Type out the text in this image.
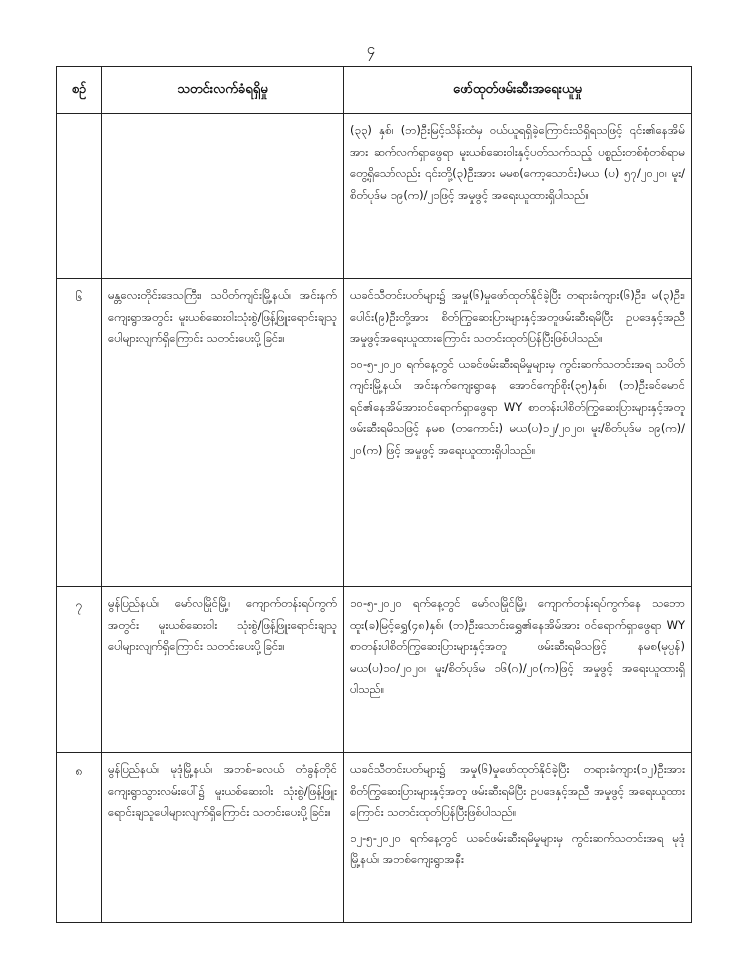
၄
စဉ်	သတင်းလက်ခံရရှိမှု	ဖော်ထုတ်ဖမ်းဆီးအရေးယူမှု

		(၃၃) နှစ်၊ (ဘ)ဦးမြင့်သိန်းထံမှ ဝယ်ယူရရှိခဲ့ကြောင်းသိရှိရသဖြင့် ၎င်း၏နေအိမ်အား ဆက်လက်ရှာဖွေရာ မူးယစ်ဆေးဝါးနှင့်ပတ်သက်သည့် ပစ္စည်းတစ်စုံတစ်ရာမတွေ့ရှိသော်လည်း ၎င်းတို့(၃)ဦးအား မမစ(ကော့သောင်း)မယ (ပ) ၅၇/၂၀၂၀၊ မူး/စိတ်ပုဒ်မ ၁၉(က)/၂၁ဖြင့် အမှုဖွင့် အရေးယူထားရှိပါသည်။

၆	မန္တလေးတိုင်းဒေသကြီး၊ သပိတ်ကျင်းမြို့နယ်၊ အင်းနက်ကျေးရွာအတွင်း မူးယစ်ဆေးဝါးသုံးစွဲ/ဖြန့်ဖြူးရောင်းချသူ ပေါများလျက်ရှိကြောင်း သတင်းပေးပို့ခြင်း။	ယခင်သီတင်းပတ်များ၌ အမှု(၆)မှုဖော်ထုတ်နိုင်ခဲ့ပြီး တရားခံကျား(၆)ဦး၊ မ(၃)ဦး၊ ပေါင်း(၉)ဦးတို့အား စိတ်ကြွဆေးပြားများနှင့်အတူဖမ်းဆီးရမိပြီး ဥပဒေနှင့်အညီ အမှုဖွင့်အရေးယူထားကြောင်း သတင်းထုတ်ပြန်ပြီးဖြစ်ပါသည်။
၁၀-၅-၂၀၂၀ ရက်နေ့တွင် ယခင်ဖမ်းဆီးရမိမှုများမှ ကွင်းဆက်သတင်းအရ သပိတ်ကျင်းမြို့နယ်၊ အင်းနက်ကျေးရွာနေ အောင်ကျော်စိုး(၃၅)နှစ်၊ (ဘ)ဦးခင်မောင်ရင်၏နေအိမ်အားဝင်ရောက်ရှာဖွေရာ WY စာတန်းပါစိတ်ကြွဆေးပြားများနှင့်အတူ ဖမ်းဆီးရမိသဖြင့် နမစ (တကောင်း) မယ(ပ)၁၂/၂၀၂၀၊ မူး/စိတ်ပုဒ်မ ၁၉(က)/၂၀(က) ဖြင့် အမှုဖွင့် အရေးယူထားရှိပါသည်။

၇	မွန်ပြည်နယ်၊ မော်လမြိုင်မြို့၊ ကျောက်တန်းရပ်ကွက်အတွင်း မူးယစ်ဆေးဝါး သုံးစွဲ/ဖြန့်ဖြူးရောင်းချသူ ပေါများလျက်ရှိကြောင်း သတင်းပေးပို့ခြင်း။	၁၀-၅-၂၀၂၀ ရက်နေ့တွင် မော်လမြိုင်မြို့၊ ကျောက်တန်းရပ်ကွက်နေ သဘောထူး(ခ)မြင့်ရွှေ(၄၈)နှစ်၊ (ဘ)ဦးသောင်းရွှေ၏နေအိမ်အား ဝင်ရောက်ရှာဖွေရာ WY စာတန်းပါစိတ်ကြွဆေးပြားများနှင့်အတူ ဖမ်းဆီးရမိသဖြင့် နမစ(မုပ္ပန်) မယ(ပ)၁၀/၂၀၂၀၊ မူး/စိတ်ပုဒ်မ ၁၆(ဂ)/၂၀(က)ဖြင့် အမှုဖွင့် အရေးယူထားရှိပါသည်။

၈	မွန်ပြည်နယ်၊ မုဒုံမြို့နယ်၊ အဘစ်-ခလယ် တံခွန်တိုင်ကျေးရွာသွားလမ်းပေါ်၌ မူးယစ်ဆေးဝါး သုံးစွဲ/ဖြန့်ဖြူးရောင်းချသူပေါများလျက်ရှိကြောင်း သတင်းပေးပို့ခြင်း။	ယခင်သီတင်းပတ်များ၌ အမှု(၆)မှုဖော်ထုတ်နိုင်ခဲ့ပြီး တရားခံကျား(၁၂)ဦးအား စိတ်ကြွဆေးပြားများနှင့်အတူ ဖမ်းဆီးရမိပြီး ဥပဒေနှင့်အညီ အမှုဖွင့် အရေးယူထားကြောင်း သတင်းထုတ်ပြန်ပြီးဖြစ်ပါသည်။
၁၂-၅-၂၀၂၀ ရက်နေ့တွင် ယခင်ဖမ်းဆီးရမိမှုများမှ ကွင်းဆက်သတင်းအရ မုဒုံမြို့နယ်၊ အဘစ်ကျေးရွာအနီး
